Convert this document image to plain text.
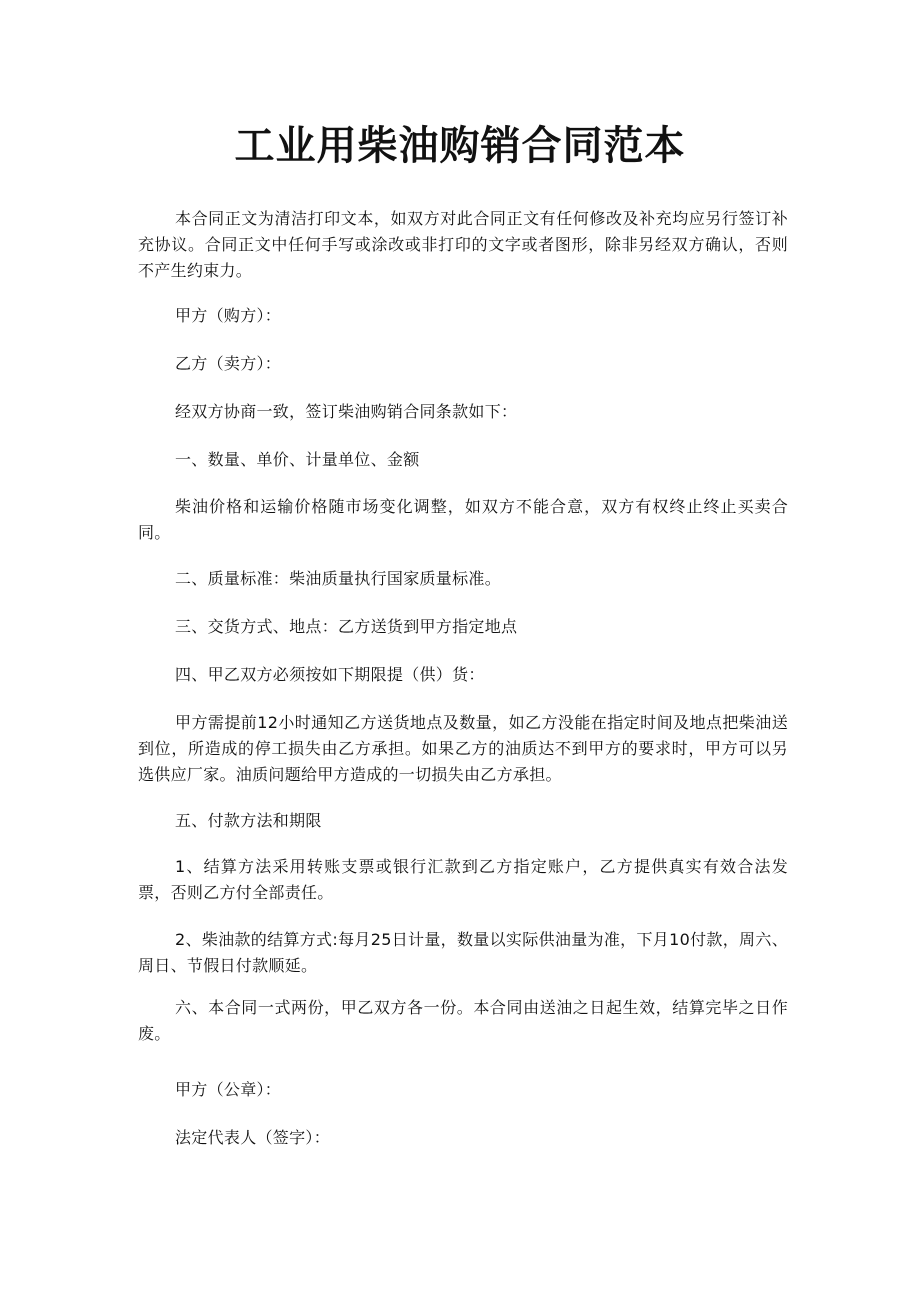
工业用柴油购销合同范本

本合同正文为清洁打印文本，如双方对此合同正文有任何修改及补充均应另行签订补充协议。合同正文中任何手写或涂改或非打印的文字或者图形，除非另经双方确认，否则不产生约束力。

甲方（购方）：

乙方（卖方）：

经双方协商一致，签订柴油购销合同条款如下：

一、数量、单价、计量单位、金额

柴油价格和运输价格随市场变化调整，如双方不能合意，双方有权终止终止买卖合同。

二、质量标准：柴油质量执行国家质量标准。

三、交货方式、地点：乙方送货到甲方指定地点

四、甲乙双方必须按如下期限提（供）货：

甲方需提前12小时通知乙方送货地点及数量，如乙方没能在指定时间及地点把柴油送到位，所造成的停工损失由乙方承担。如果乙方的油质达不到甲方的要求时，甲方可以另选供应厂家。油质问题给甲方造成的一切损失由乙方承担。

五、付款方法和期限

1、结算方法采用转账支票或银行汇款到乙方指定账户，乙方提供真实有效合法发票，否则乙方付全部责任。

2、柴油款的结算方式:每月25日计量，数量以实际供油量为准，下月10付款，周六、周日、节假日付款顺延。

六、本合同一式两份，甲乙双方各一份。本合同由送油之日起生效，结算完毕之日作废。

甲方（公章）：

法定代表人（签字）：
